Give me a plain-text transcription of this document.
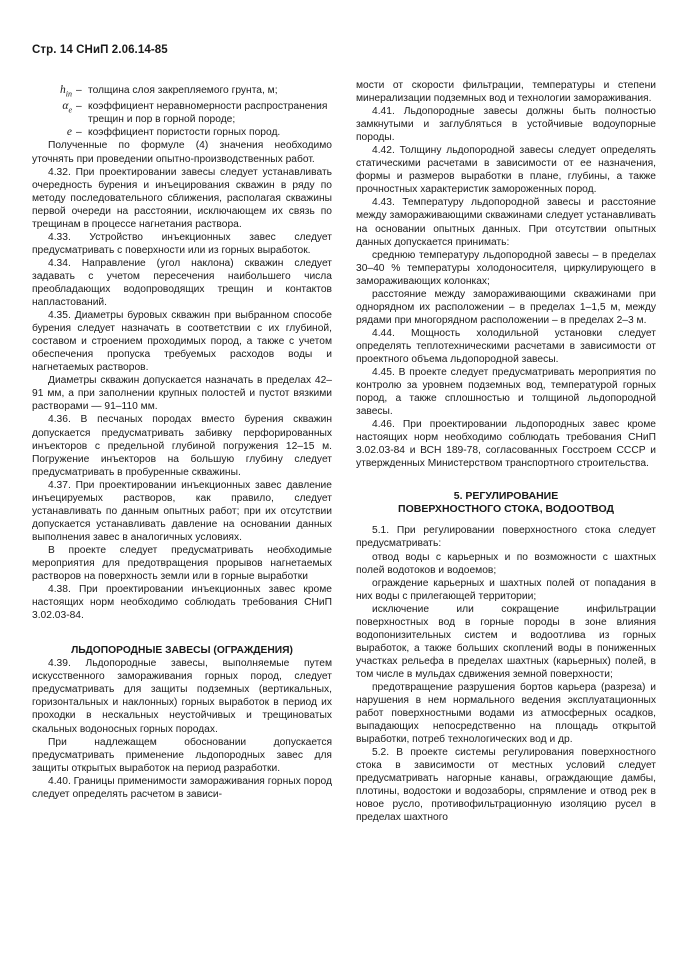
Стр. 14 СНиП 2.06.14-85
$h_{in}$ – толщина слоя закрепляемого грунта, м;
$\alpha_e$ – коэффициент неравномерности распространения трещин и пор в горной породе;
e – коэффициент пористости горных пород.

Полученные по формуле (4) значения необходимо уточнять при проведении опытно-производственных работ.

4.32. При проектировании завесы следует устанавливать очередность бурения и инъецирования скважин в ряду по методу последовательного сближения, располагая скважины первой очереди на расстоянии, исключающем их связь по трещинам в процессе нагнетания раствора.

4.33. Устройство инъекционных завес следует предусматривать с поверхности или из горных выработок.

4.34. Направление (угол наклона) скважин следует задавать с учетом пересечения наибольшего числа преобладающих водопроводящих трещин и контактов напластований.

4.35. Диаметры буровых скважин при выбранном способе бурения следует назначать в соответствии с их глубиной, составом и строением проходимых пород, а также с учетом обеспечения пропуска требуемых расходов воды и нагнетаемых растворов.

Диаметры скважин допускается назначать в пределах 42–91 мм, а при заполнении крупных полостей и пустот вязкими растворами — 91–110 мм.

4.36. В песчаных породах вместо бурения скважин допускается предусматривать забивку перфорированных инъекторов с предельной глубиной погружения 12–15 м. Погружение инъекторов на большую глубину следует предусматривать в пробуренные скважины.

4.37. При проектировании инъекционных завес давление инъецируемых растворов, как правило, следует устанавливать по данным опытных работ; при их отсутствии допускается устанавливать давление на основании данных выполнения завес в аналогичных условиях.

В проекте следует предусматривать необходимые мероприятия для предотвращения прорывов нагнетаемых растворов на поверхность земли или в горные выработки

4.38. При проектировании инъекционных завес кроме настоящих норм необходимо соблюдать требования СНиП 3.02.03-84.

ЛЬДОПОРОДНЫЕ ЗАВЕСЫ (ОГРАЖДЕНИЯ)

4.39. Льдопородные завесы, выполняемые путем искусственного замораживания горных пород, следует предусматривать для защиты подземных (вертикальных, горизонтальных и наклонных) горных выработок в период их проходки в нескальных неустойчивых и трещиноватых скальных водоносных горных породах.

При надлежащем обосновании допускается предусматривать применение льдопородных завес для защиты открытых выработок на период разработки.

4.40. Границы применимости замораживания горных пород следует определять расчетом в зависи-

мости от скорости фильтрации, температуры и степени минерализации подземных вод и технологии замораживания.

4.41. Льдопородные завесы должны быть полностью замкнутыми и заглубляться в устойчивые водоупорные породы.

4.42. Толщину льдопородной завесы следует определять статическими расчетами в зависимости от ее назначения, формы и размеров выработки в плане, глубины, а также прочностных характеристик замороженных пород.

4.43. Температуру льдопородной завесы и расстояние между замораживающими скважинами следует устанавливать на основании опытных данных. При отсутствии опытных данных допускается принимать:

среднюю температуру льдопородной завесы – в пределах 30–40 % температуры холодоносителя, циркулирующего в замораживающих колонках;

расстояние между замораживающими скважинами при однорядном их расположении – в пределах 1–1,5 м, между рядами при многорядном расположении – в пределах 2–3 м.

4.44. Мощность холодильной установки следует определять теплотехническими расчетами в зависимости от проектного объема льдопородной завесы.

4.45. В проекте следует предусматривать мероприятия по контролю за уровнем подземных вод, температурой горных пород, а также сплошностью и толщиной льдопородной завесы.

4.46. При проектировании льдопородных завес кроме настоящих норм необходимо соблюдать требования СНиП 3.02.03-84 и ВСН 189-78, согласованных Госстроем СССР и утвержденных Министерством транспортного строительства.

5. РЕГУЛИРОВАНИЕ
ПОВЕРХНОСТНОГО СТОКА, ВОДООТВОД

5.1. При регулировании поверхностного стока следует предусматривать:

отвод воды с карьерных и по возможности с шахтных полей водотоков и водоемов;

ограждение карьерных и шахтных полей от попадания в них воды с прилегающей территории;

исключение или сокращение инфильтрации поверхностных вод в горные породы в зоне влияния водопонизительных систем и водоотлива из горных выработок, а также больших скоплений воды в пониженных участках рельефа в пределах шахтных (карьерных) полей, в том числе в мульдах сдвижения земной поверхности;

предотвращение разрушения бортов карьера (разреза) и нарушения в нем нормального ведения эксплуатационных работ поверхностными водами из атмосферных осадков, выпадающих непосредственно на площадь открытой выработки, потреб технологических вод и др.

5.2. В проекте системы регулирования поверхностного стока в зависимости от местных условий следует предусматривать нагорные канавы, ограждающие дамбы, плотины, водостоки и водозаборы, спрямление и отвод рек в новое русло, противофильтрационную изоляцию русел в пределах шахтного
